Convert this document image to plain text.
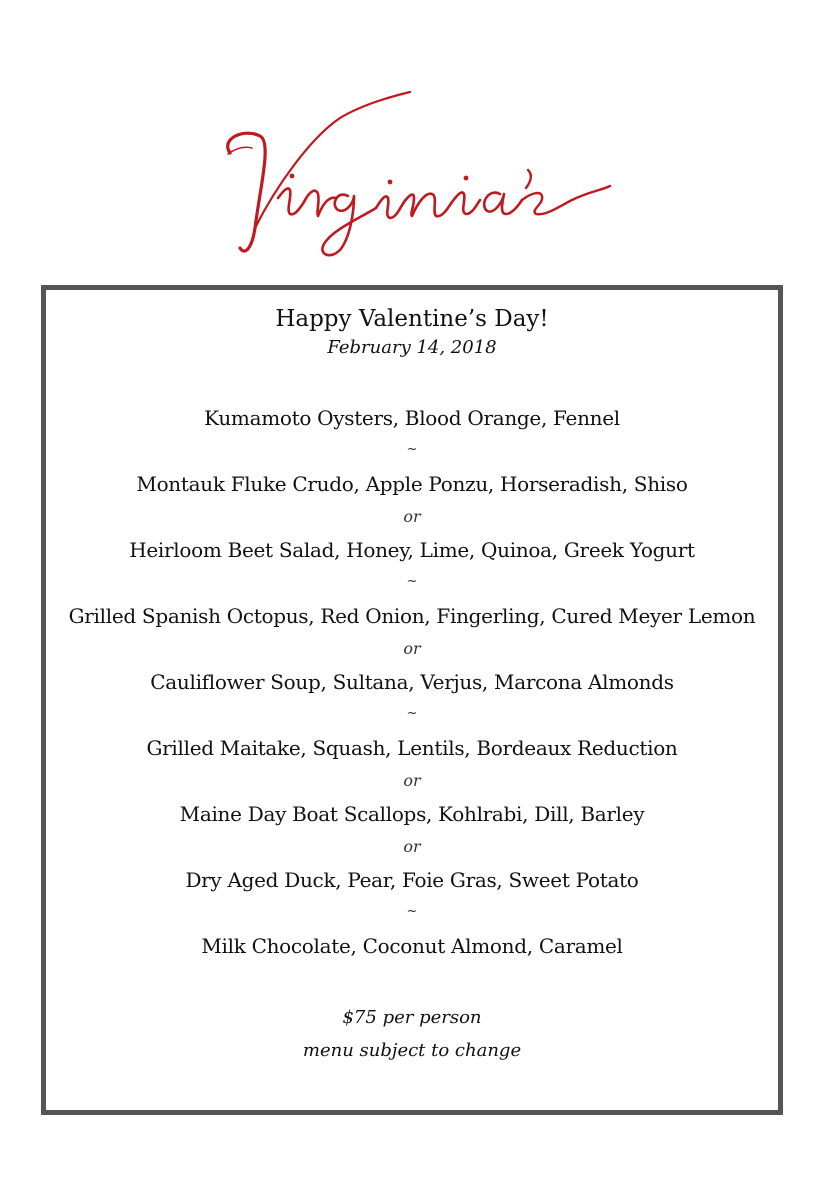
Happy Valentine’s Day!
February 14, 2018
Kumamoto Oysters, Blood Orange, Fennel
~
Montauk Fluke Crudo, Apple Ponzu, Horseradish, Shiso
or
Heirloom Beet Salad, Honey, Lime, Quinoa, Greek Yogurt
~
Grilled Spanish Octopus, Red Onion, Fingerling, Cured Meyer Lemon
or
Cauliflower Soup, Sultana, Verjus, Marcona Almonds
~
Grilled Maitake, Squash, Lentils, Bordeaux Reduction
or
Maine Day Boat Scallops, Kohlrabi, Dill, Barley
or
Dry Aged Duck, Pear, Foie Gras, Sweet Potato
~
Milk Chocolate, Coconut Almond, Caramel
$75 per person
menu subject to change
